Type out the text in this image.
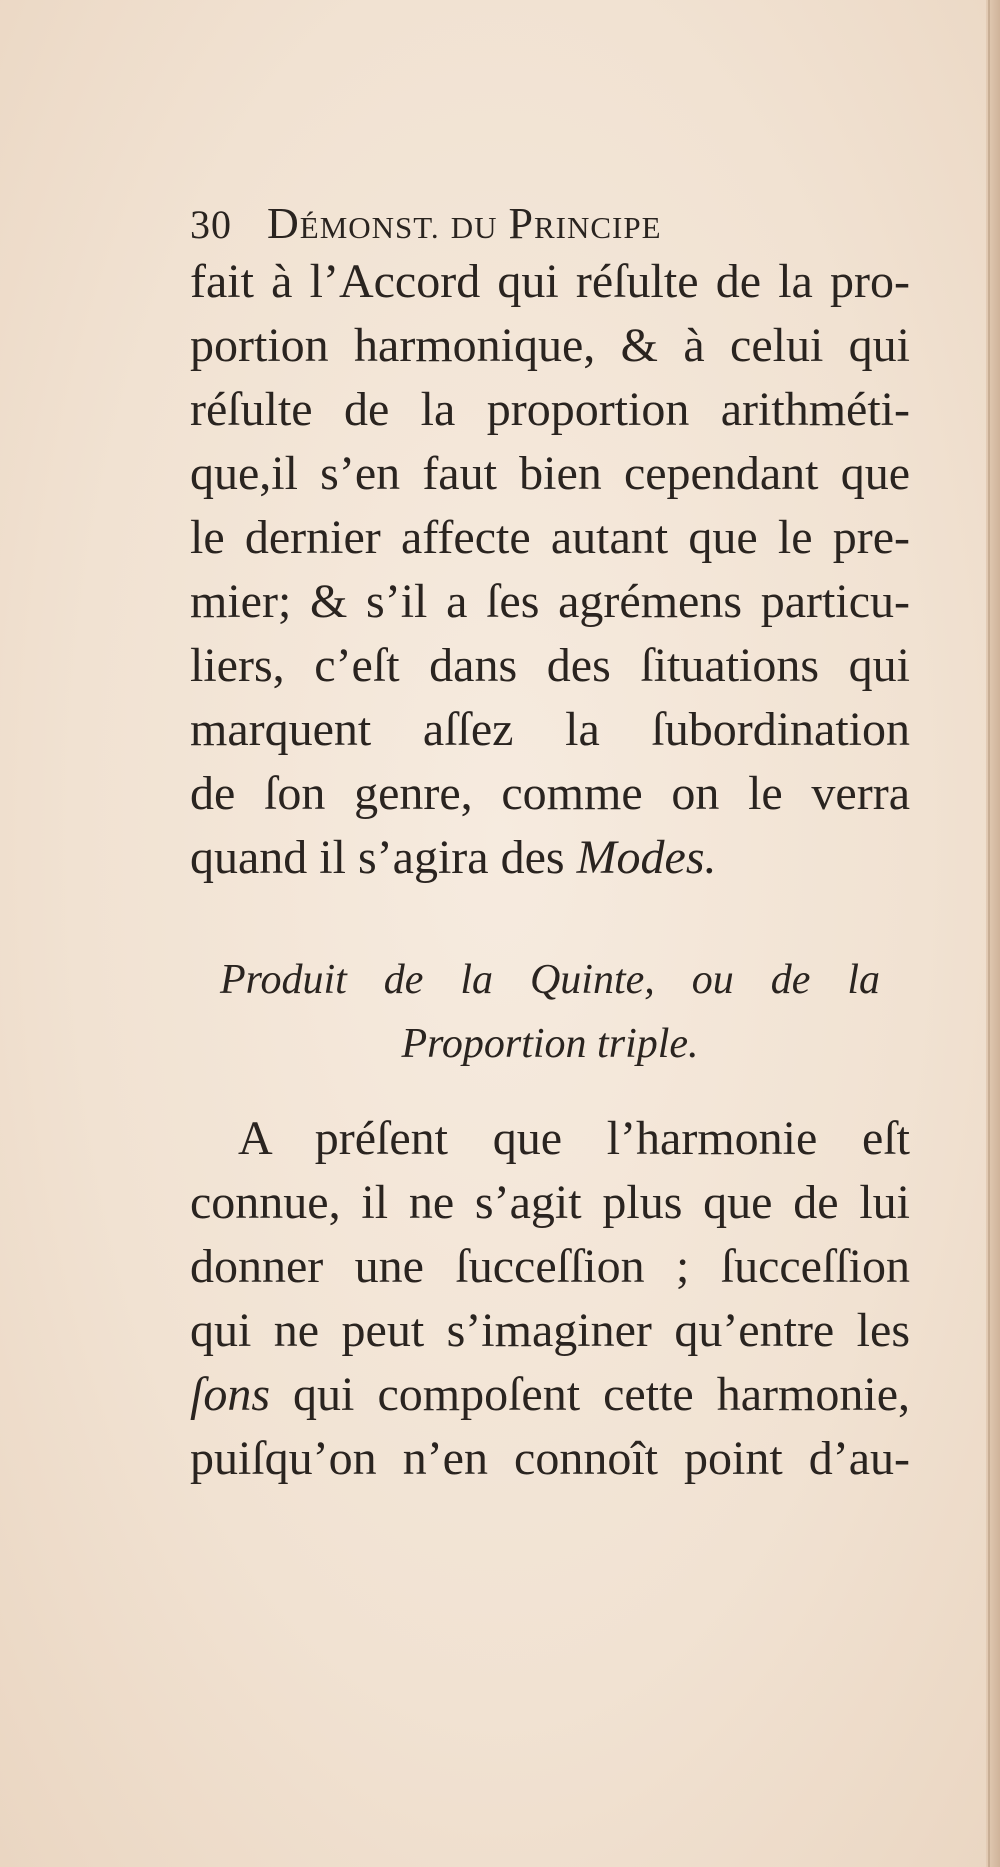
30 DÉMONST. DU PRINCIPE
fait à l’Accord qui réſulte de la pro-
portion harmonique, & à celui qui
réſulte de la proportion arithméti-
que,il s’en faut bien cependant que
le dernier affecte autant que le pre-
mier; & s’il a ſes agrémens particu-
liers, c’eſt dans des ſituations qui
marquent aſſez la ſubordination
de ſon genre, comme on le verra
quand il s’agira des Modes.
Produit de la Quinte, ou de la
Proportion triple.
A préſent que l’harmonie eſt
connue, il ne s’agit plus que de lui
donner une ſucceſſion ; ſucceſſion
qui ne peut s’imaginer qu’entre les
ſons qui compoſent cette harmonie,
puiſqu’on n’en connoît point d’au-
